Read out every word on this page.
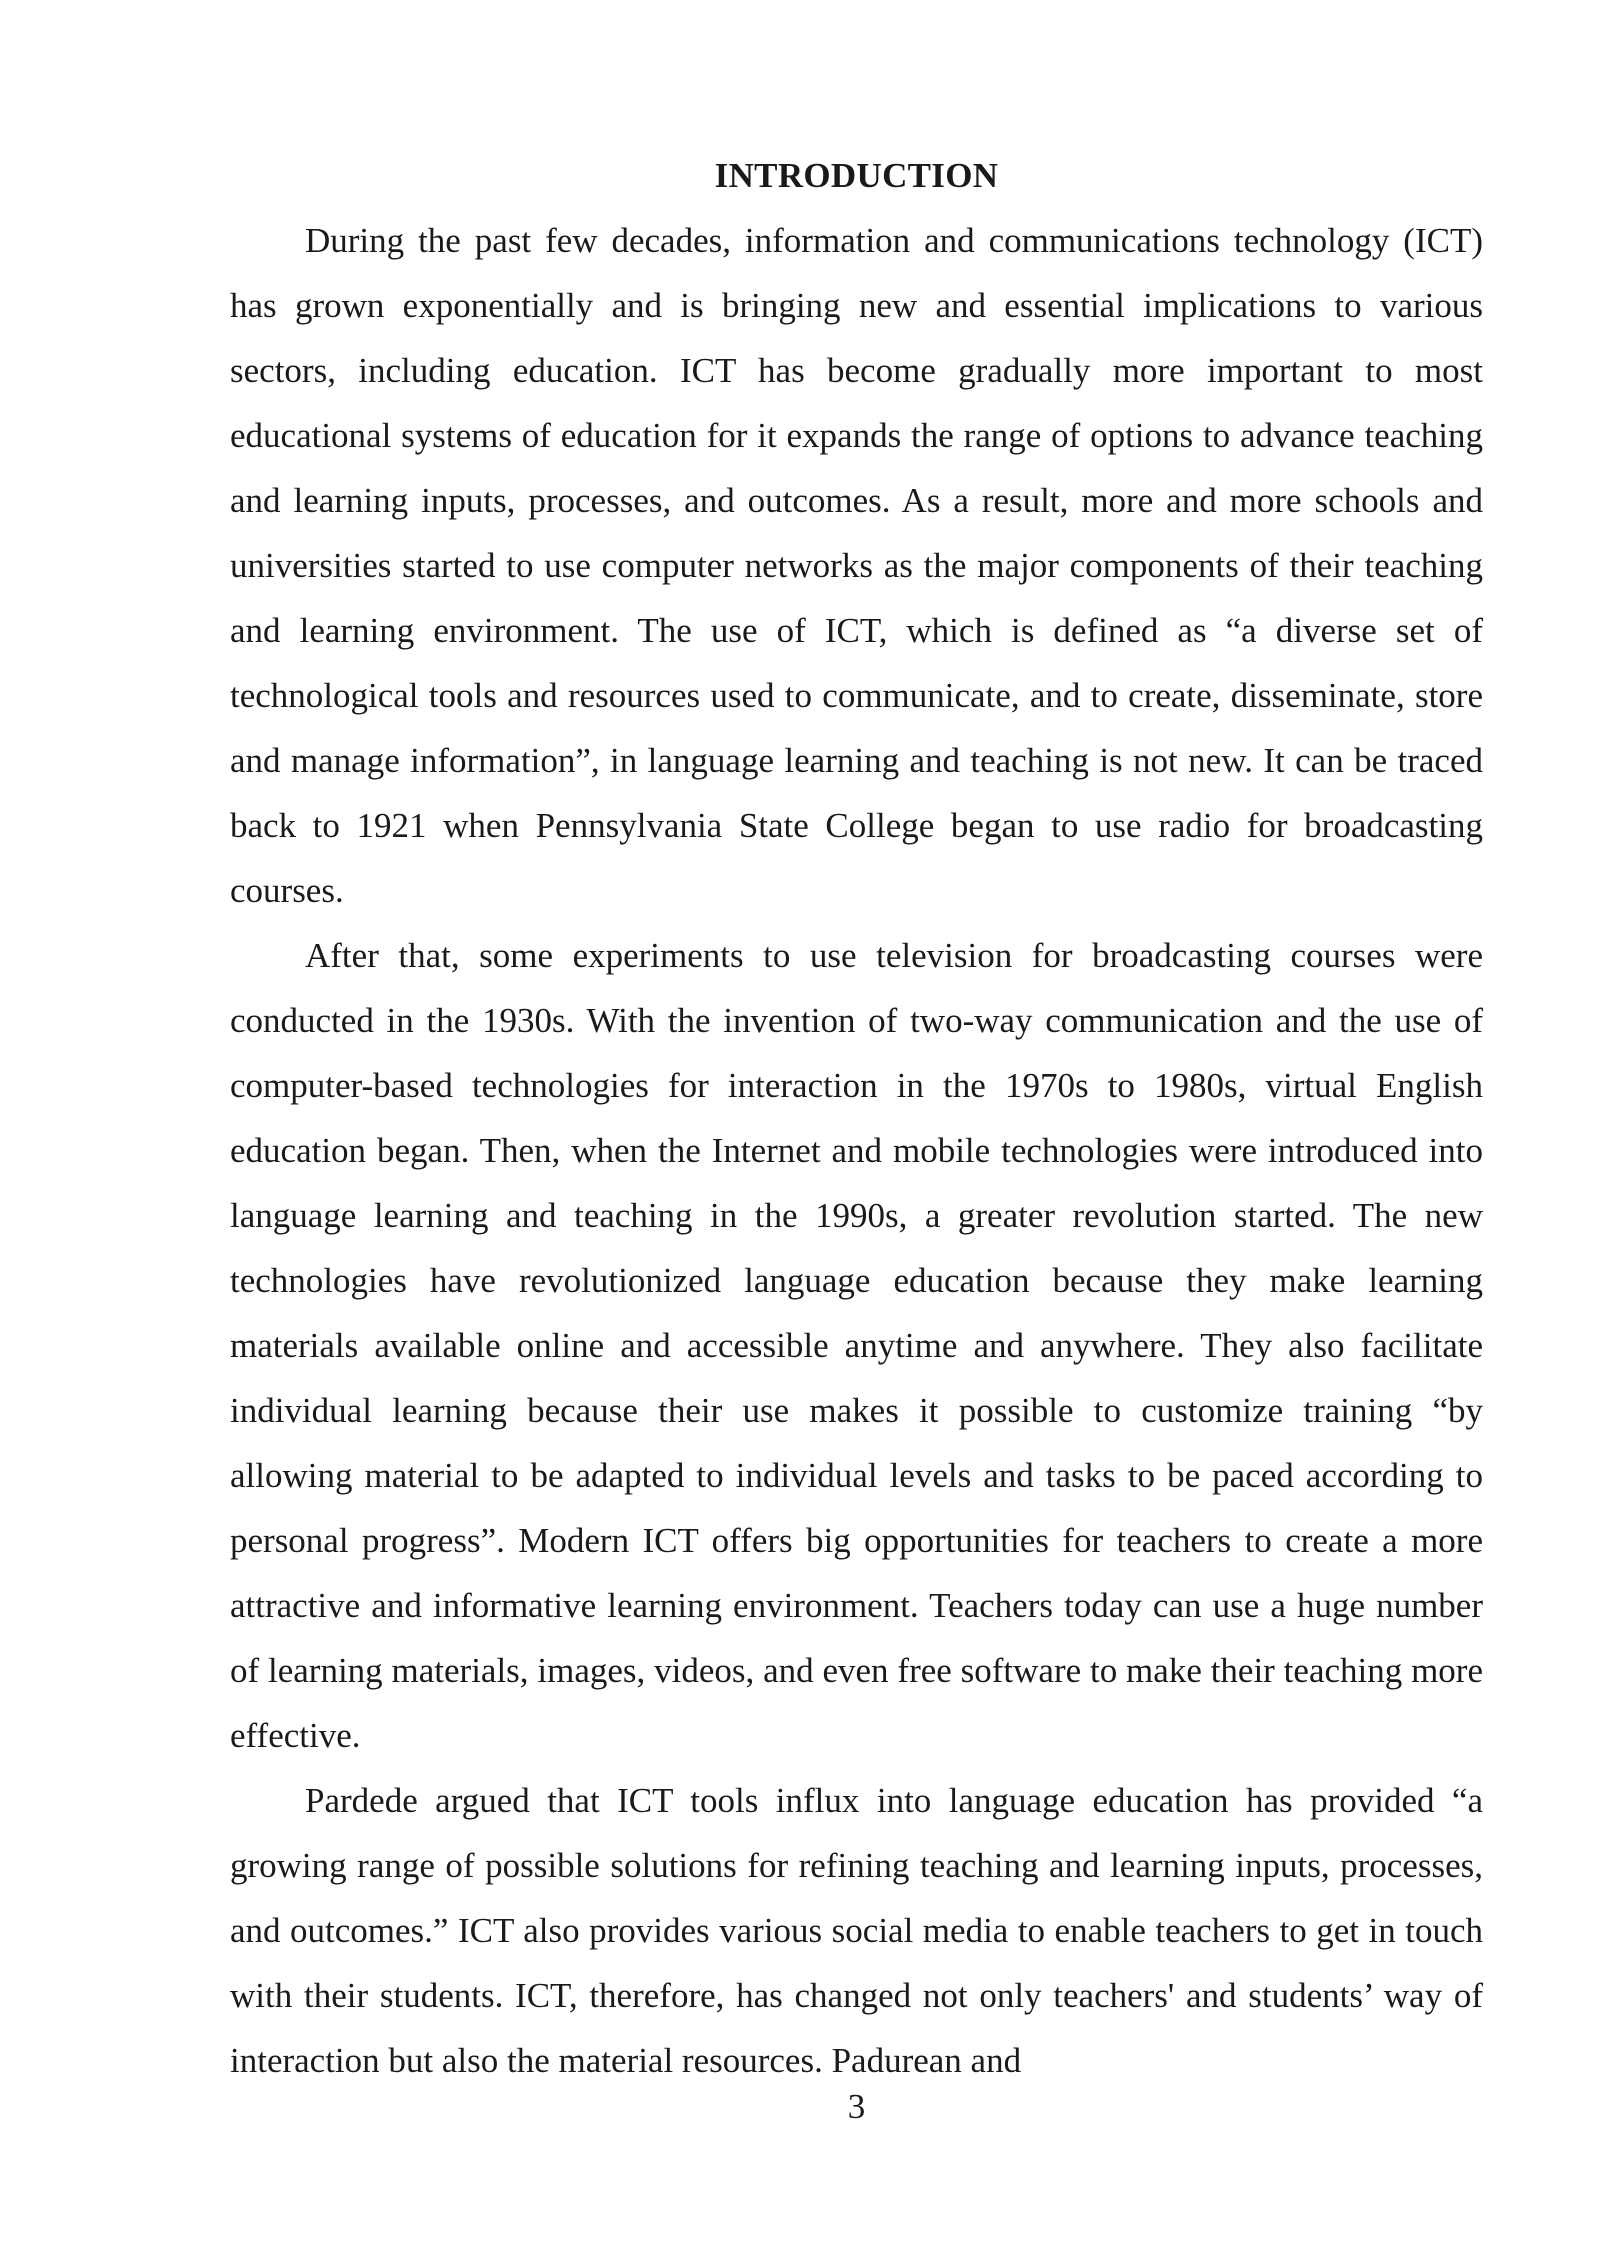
INTRODUCTION

During the past few decades, information and communications technology (ICT) has grown exponentially and is bringing new and essential implications to various sectors, including education. ICT has become gradually more important to most educational systems of education for it expands the range of options to advance teaching and learning inputs, processes, and outcomes. As a result, more and more schools and universities started to use computer networks as the major components of their teaching and learning environment. The use of ICT, which is defined as “a diverse set of technological tools and resources used to communicate, and to create, disseminate, store and manage information”, in language learning and teaching is not new. It can be traced back to 1921 when Pennsylvania State College began to use radio for broadcasting courses.

After that, some experiments to use television for broadcasting courses were conducted in the 1930s. With the invention of two-way communication and the use of computer-based technologies for interaction in the 1970s to 1980s, virtual English education began. Then, when the Internet and mobile technologies were introduced into language learning and teaching in the 1990s, a greater revolution started. The new technologies have revolutionized language education because they make learning materials available online and accessible anytime and anywhere. They also facilitate individual learning because their use makes it possible to customize training “by allowing material to be adapted to individual levels and tasks to be paced according to personal progress”. Modern ICT offers big opportunities for teachers to create a more attractive and informative learning environment. Teachers today can use a huge number of learning materials, images, videos, and even free software to make their teaching more effective.

Pardede argued that ICT tools influx into language education has provided “a growing range of possible solutions for refining teaching and learning inputs, processes, and outcomes.” ICT also provides various social media to enable teachers to get in touch with their students. ICT, therefore, has changed not only teachers' and students’ way of interaction but also the material resources. Padurean and

3
